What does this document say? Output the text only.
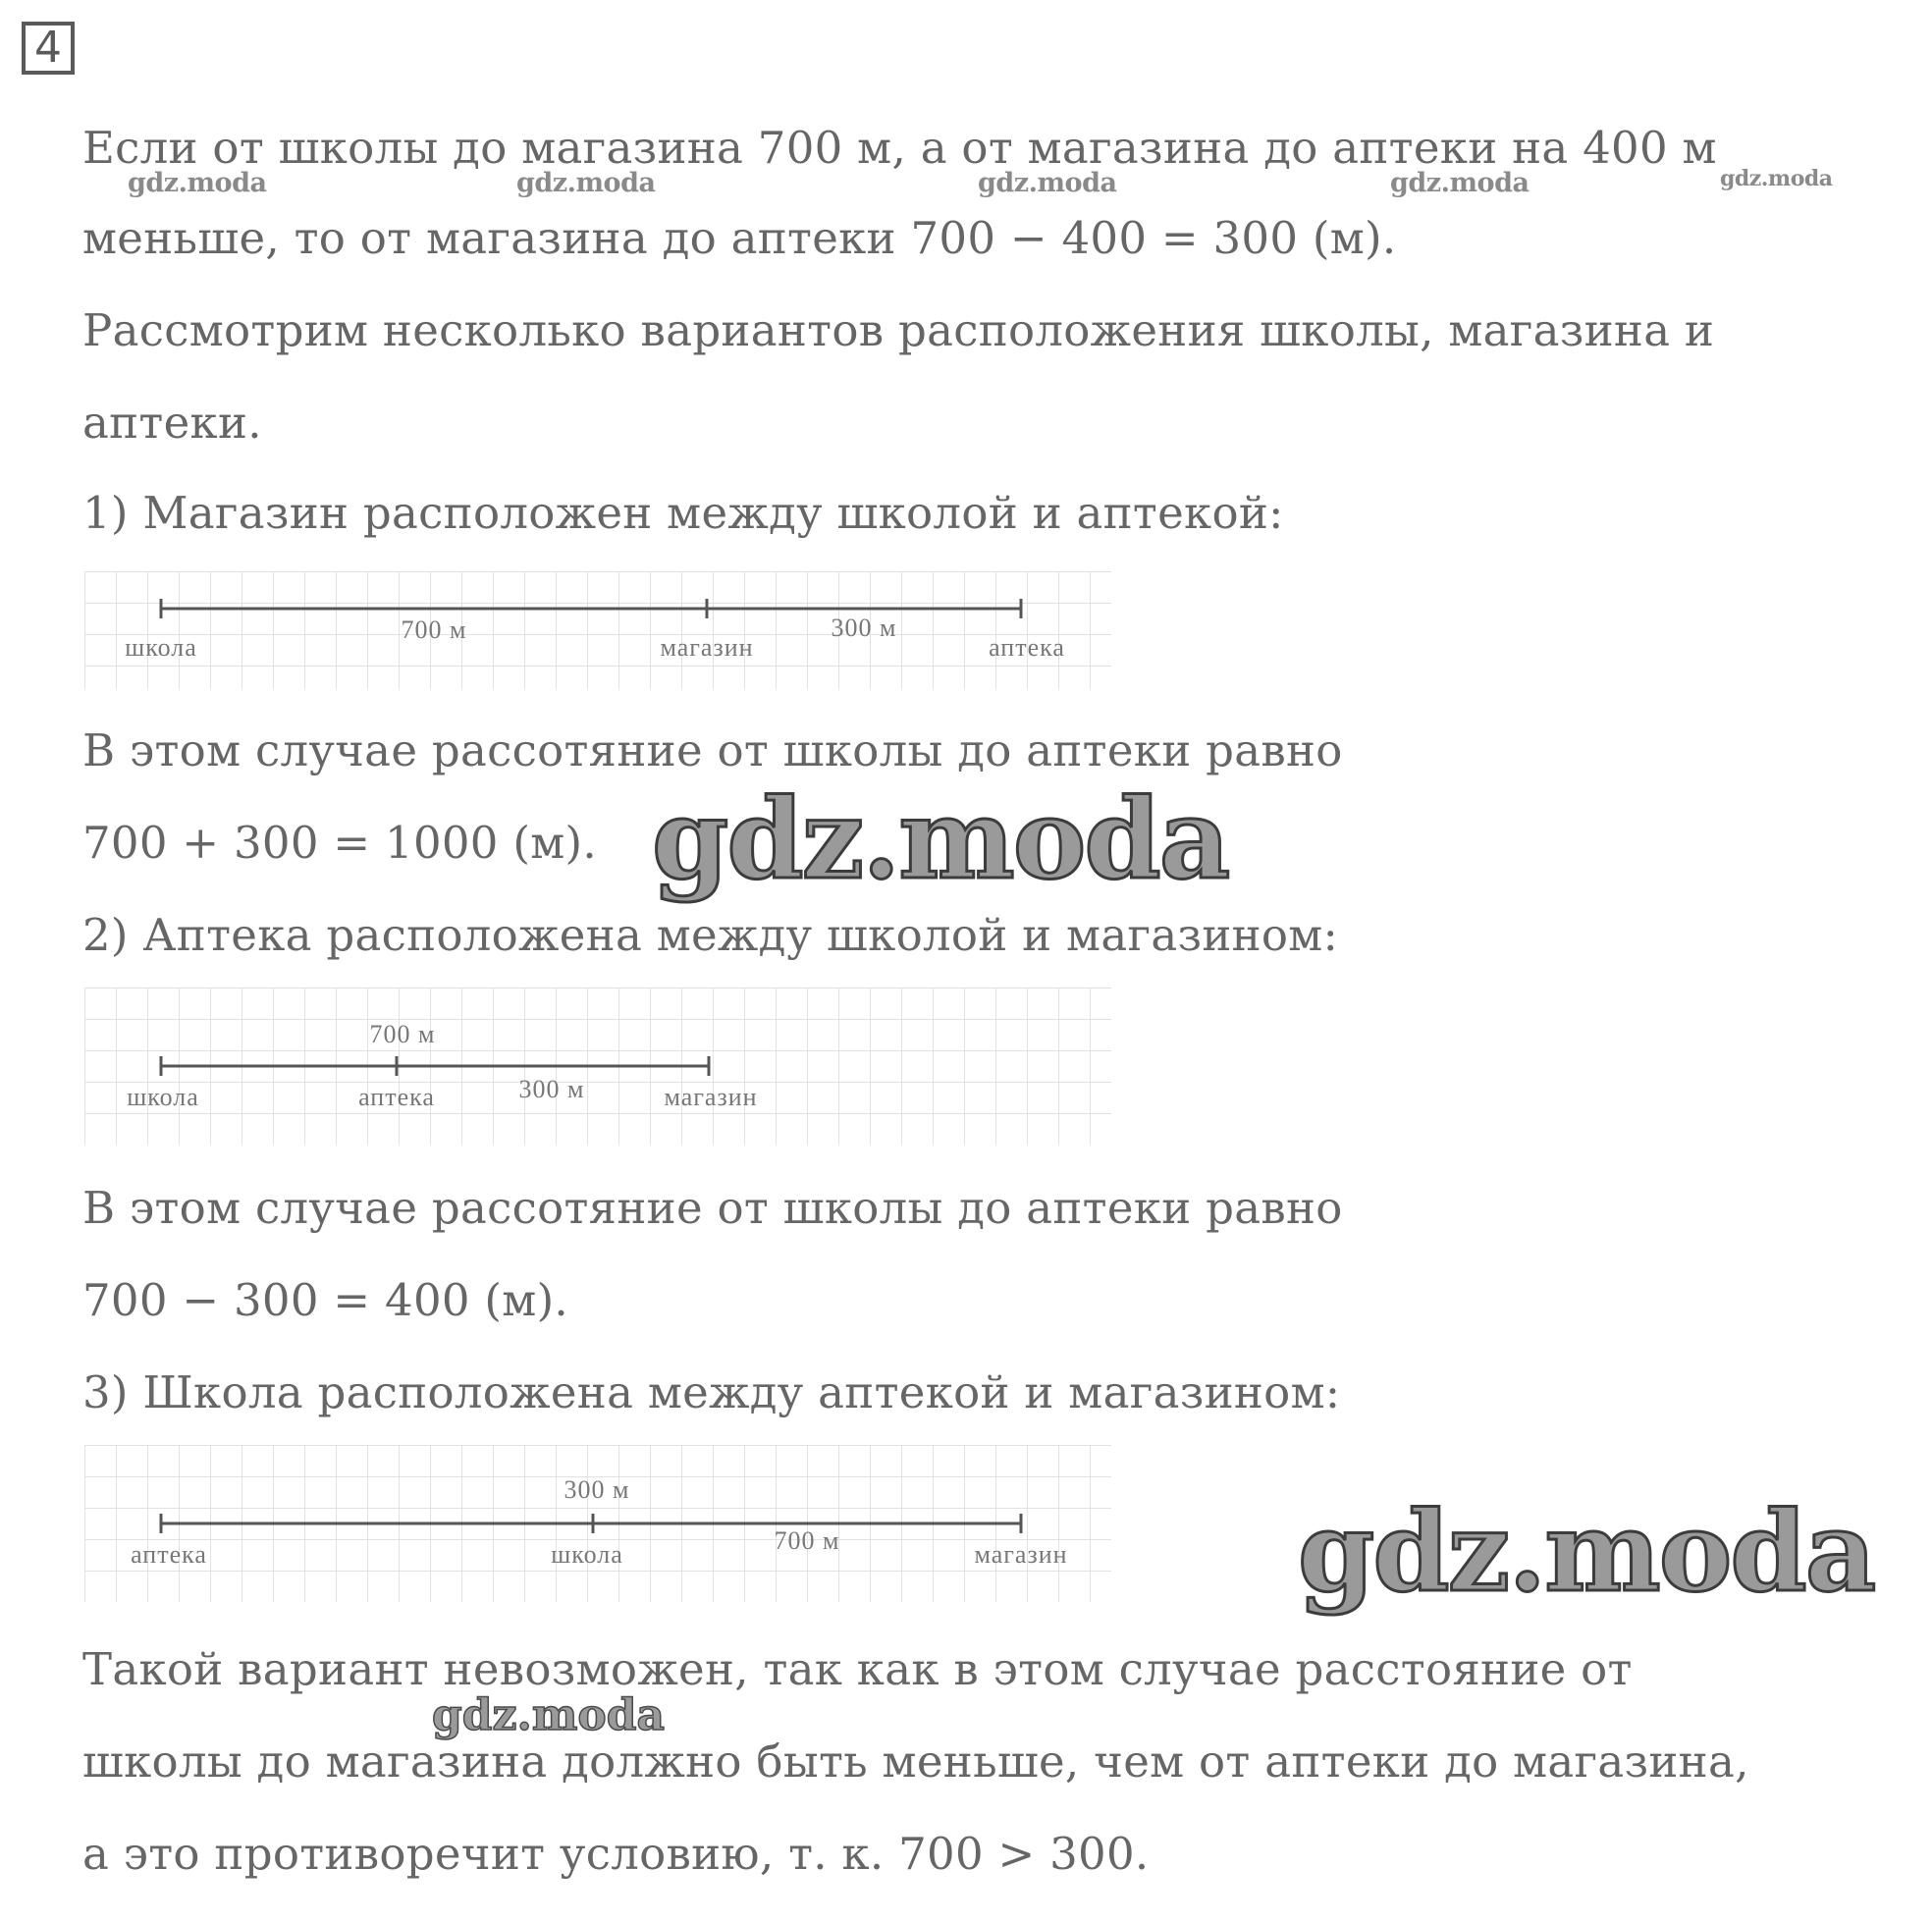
4
gdz.moda	gdz.moda	gdz.moda	gdz.moda	gdz.moda
Если от школы до магазина 700 м, а от магазина до аптеки на 400 м
меньше, то от магазина до аптеки 700 − 400 = 300 (м).
Рассмотрим несколько вариантов расположения школы, магазина и
аптеки.
1) Магазин расположен между школой и аптекой:
школа	магазин	аптека
700 м	300 м
В этом случае рассотяние от школы до аптеки равно
700 + 300 = 1000 (м).
2) Аптека расположена между школой и магазином:
gdz.moda
700 м
школа	аптека	300 м	магазин
В этом случае рассотяние от школы до аптеки равно
700 − 300 = 400 (м).
3) Школа расположена между аптекой и магазином:
300 м
аптека	школа	700 м	магазин gdz.moda
Такой вариант невозможен, так как в этом случае расстояние от
gdz.moda
школы до магазина должно быть меньше, чем от аптеки до магазина,
а это противоречит условию, т. к. 700 > 300.
